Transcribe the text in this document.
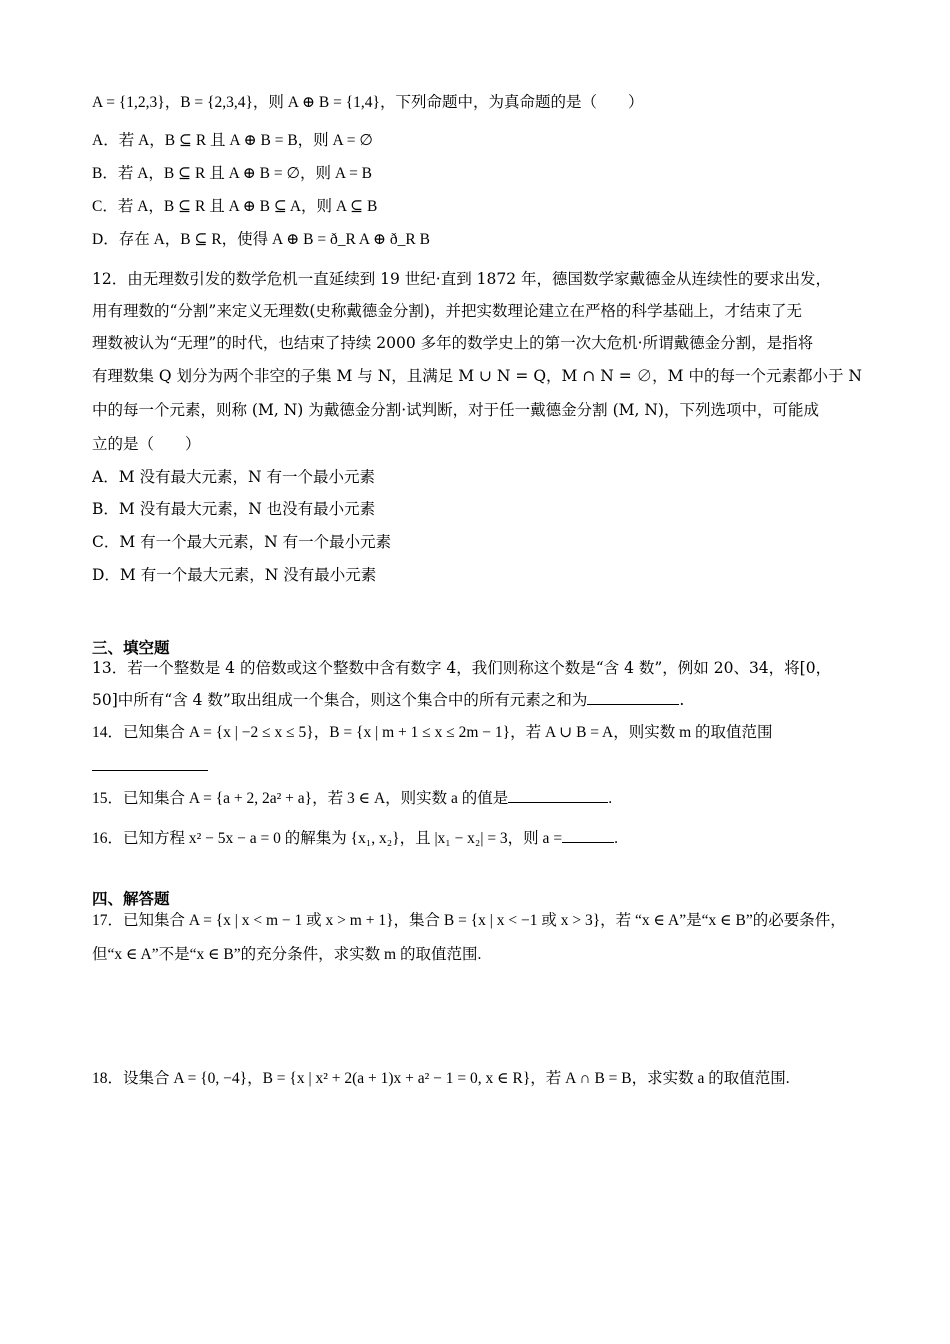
A = {1,2,3}，B = {2,3,4}，则 A ⊕ B = {1,4}，下列命题中，为真命题的是（　　）
A．若 A，B ⊆ R 且 A ⊕ B = B，则 A = ∅
B．若 A，B ⊆ R 且 A ⊕ B = ∅，则 A = B
C．若 A，B ⊆ R 且 A ⊕ B ⊆ A，则 A ⊆ B
D．存在 A，B ⊆ R，使得 A ⊕ B = ð_R A ⊕ ð_R B
12．由无理数引发的数学危机一直延续到 19 世纪·直到 1872 年，德国数学家戴德金从连续性的要求出发，
用有理数的“分割”来定义无理数(史称戴德金分割)，并把实数理论建立在严格的科学基础上，才结束了无
理数被认为“无理”的时代，也结束了持续 2000 多年的数学史上的第一次大危机·所谓戴德金分割，是指将
有理数集 Q 划分为两个非空的子集 M 与 N，且满足 M ∪ N = Q，M ∩ N = ∅，M 中的每一个元素都小于 N
中的每一个元素，则称 (M, N) 为戴德金分割·试判断，对于任一戴德金分割 (M, N)，下列选项中，可能成
立的是（　　）
A．M 没有最大元素，N 有一个最小元素
B．M 没有最大元素，N 也没有最小元素
C．M 有一个最大元素，N 有一个最小元素
D．M 有一个最大元素，N 没有最小元素
三、填空题
13．若一个整数是 4 的倍数或这个整数中含有数字 4，我们则称这个数是“含 4 数”，例如 20、34，将[0，
50]中所有“含 4 数”取出组成一个集合，则这个集合中的所有元素之和为	.
14．已知集合 A = {x | −2 ≤ x ≤ 5}，B = {x | m + 1 ≤ x ≤ 2m − 1}，若 A ∪ B = A，则实数 m 的取值范围
15．已知集合 A = {a + 2, 2a² + a}，若 3 ∈ A，则实数 a 的值是	.
16．已知方程 x² − 5x − a = 0 的解集为 {x₁, x₂}，且 |x₁ − x₂| = 3，则 a =	.
四、解答题
17．已知集合 A = {x | x < m − 1 或 x > m + 1}，集合 B = {x | x < −1 或 x > 3}，若 “x ∈ A”是“x ∈ B”的必要条件，
但“x ∈ A”不是“x ∈ B”的充分条件，求实数 m 的取值范围.
18．设集合 A = {0, −4}，B = {x | x² + 2(a + 1)x + a² − 1 = 0, x ∈ R}，若 A ∩ B = B，求实数 a 的取值范围.
